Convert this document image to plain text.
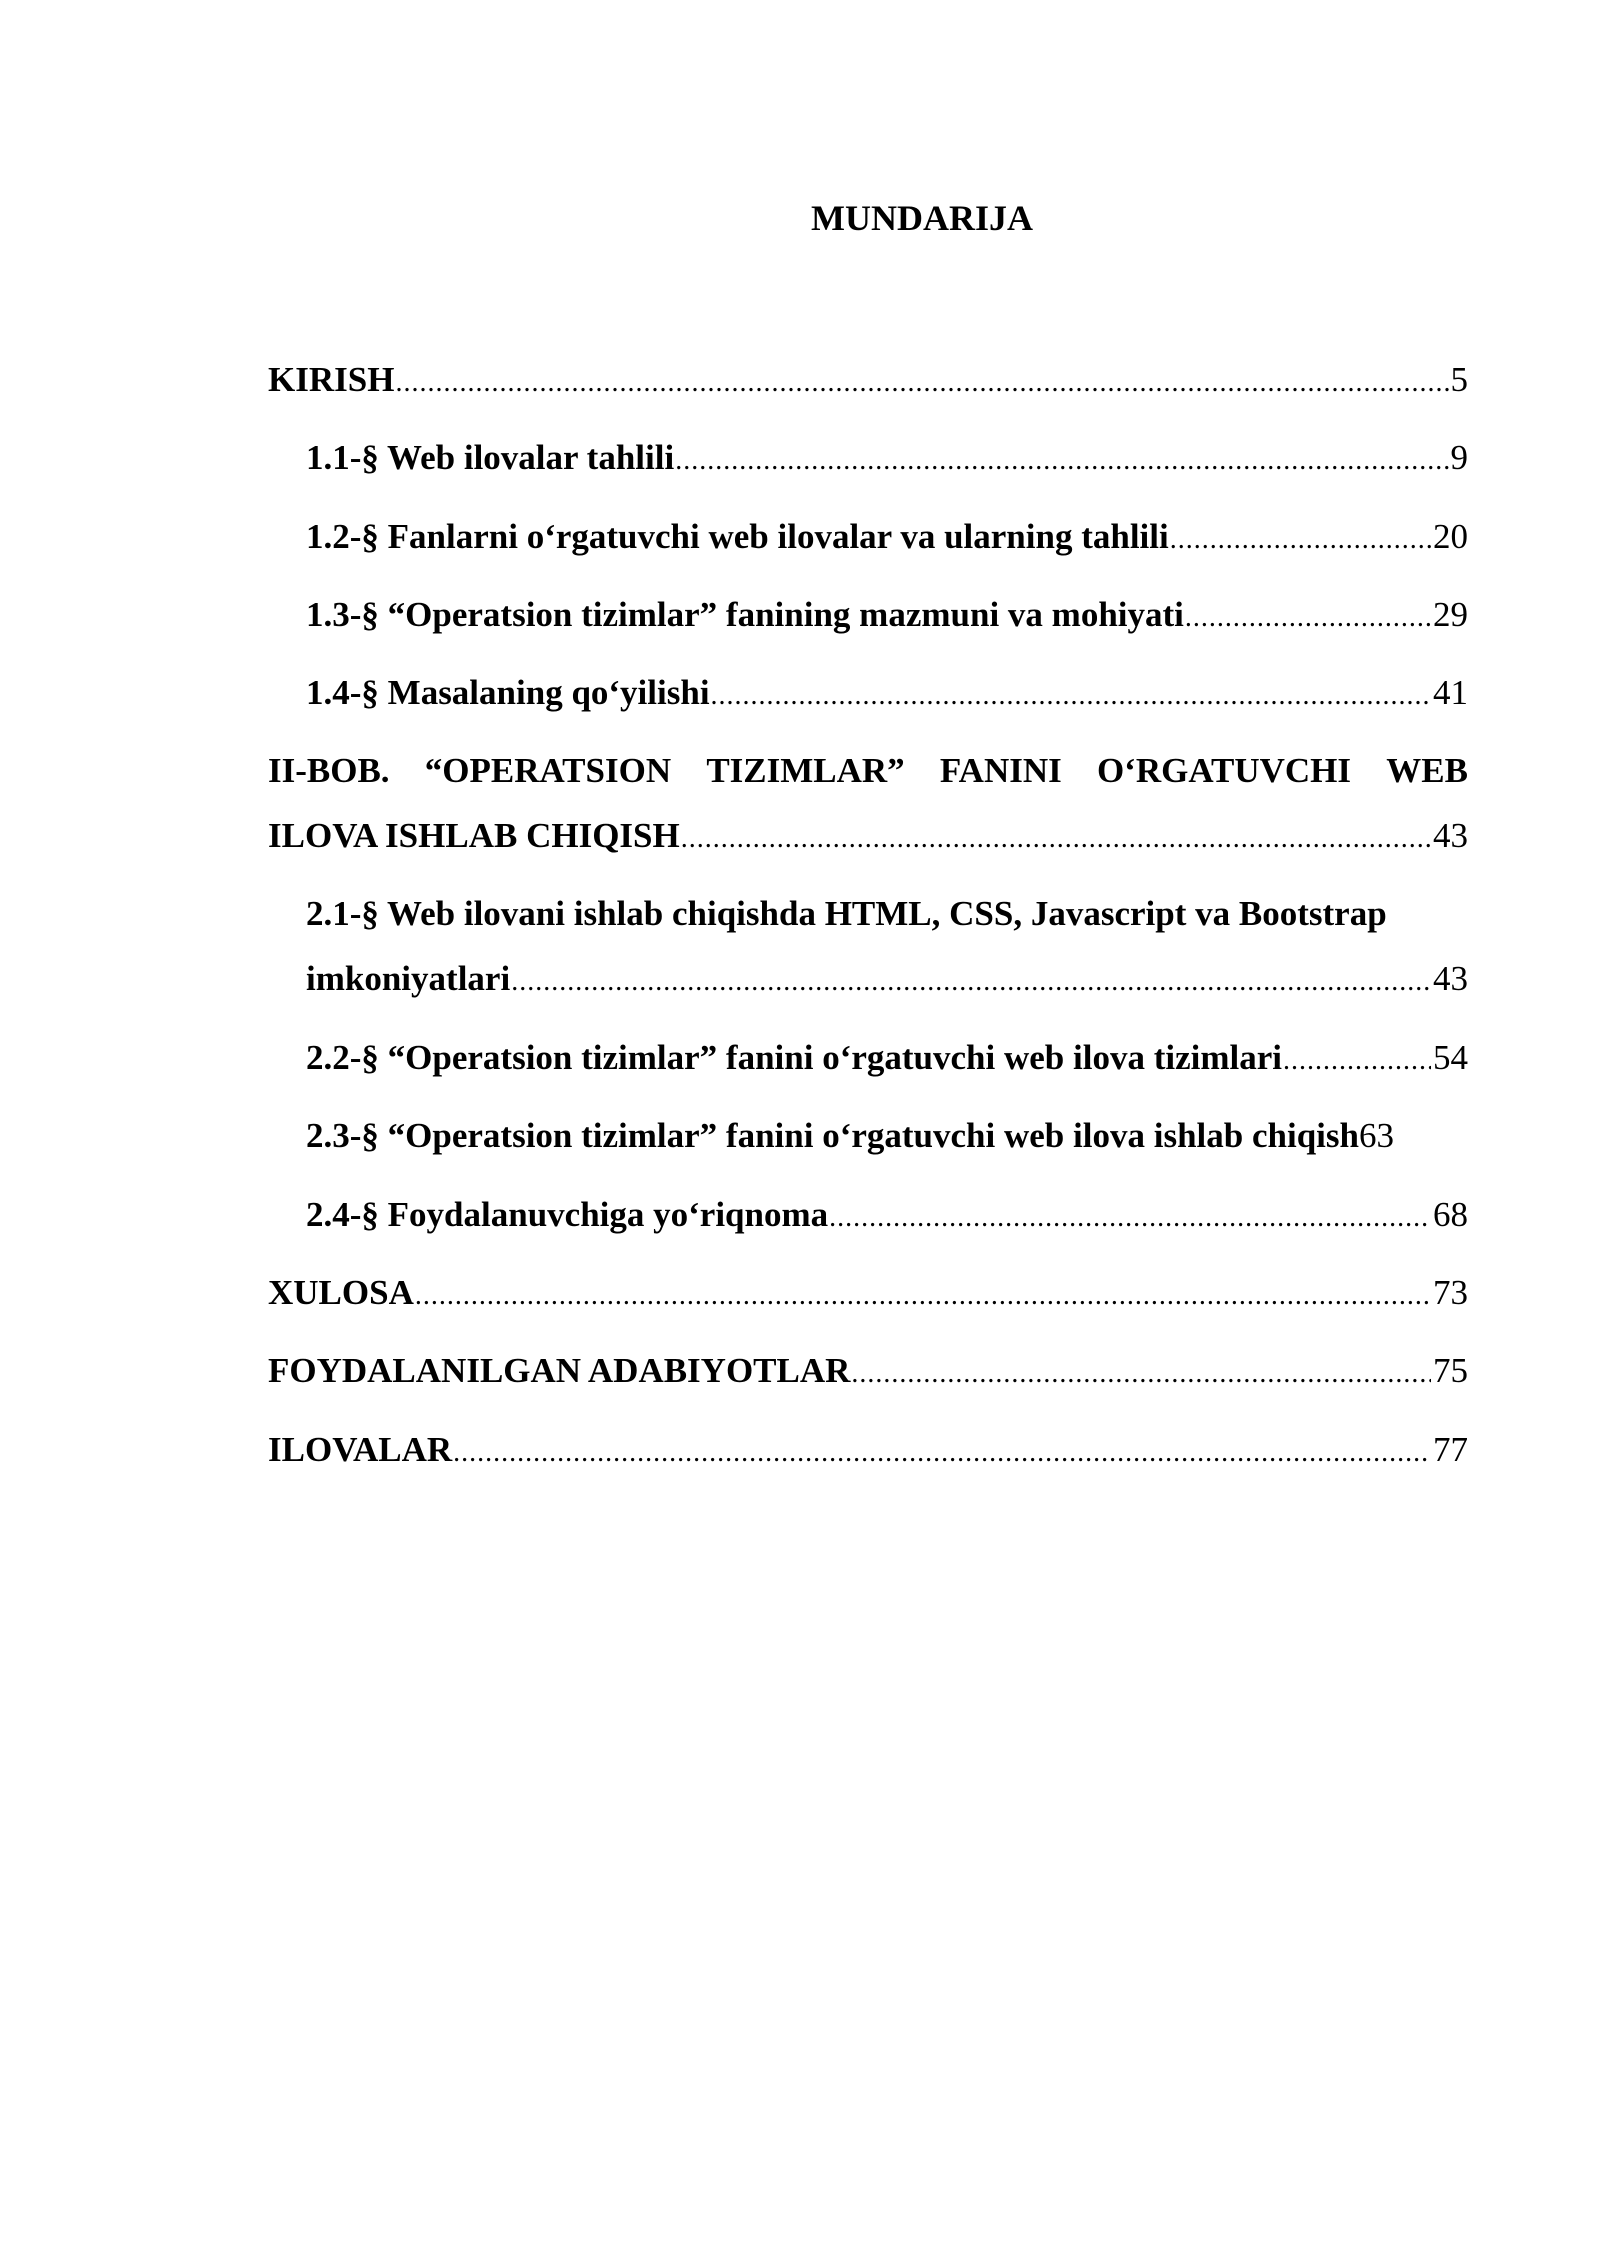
MUNDARIJA
KIRISH .....	5
1.1-§ Web ilovalar tahlili .....	9
1.2-§ Fanlarni o‘rgatuvchi web ilovalar va ularning tahlili .....	20
1.3-§ “Operatsion tizimlar” fanining mazmuni va mohiyati .....	29
1.4-§ Masalaning qo‘yilishi .....	41
II-BOB. “OPERATSION TIZIMLAR” FANINI O‘RGATUVCHI WEB
ILOVA ISHLAB CHIQISH .....	43
2.1-§ Web ilovani ishlab chiqishda HTML, CSS, Javascript va Bootstrap
imkoniyatlari .....	43
2.2-§ “Operatsion tizimlar” fanini o‘rgatuvchi web ilova tizimlari .....	54
2.3-§ “Operatsion tizimlar” fanini o‘rgatuvchi web ilova ishlab chiqish 63
2.4-§ Foydalanuvchiga yo‘riqnoma .....	68
XULOSA .....	73
FOYDALANILGAN ADABIYOTLAR .....	75
ILOVALAR .....	77
